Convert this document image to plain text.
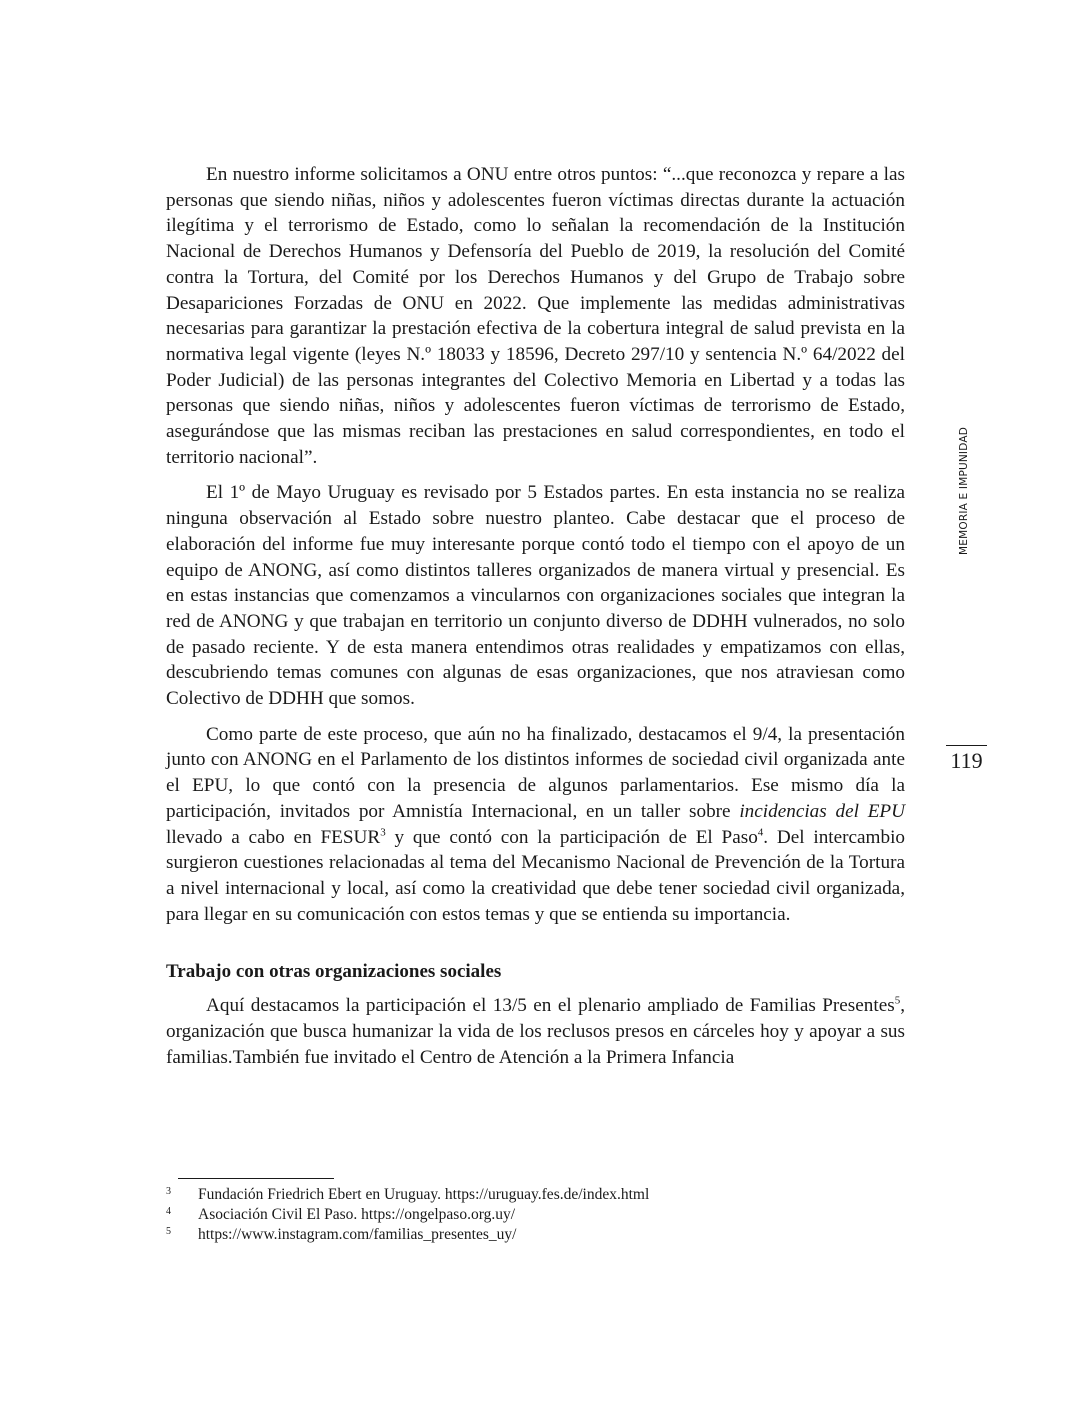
En nuestro informe solicitamos a ONU entre otros puntos: “...que reconozca y repare a las personas que siendo niñas, niños y adolescentes fueron víctimas directas durante la actuación ilegítima y el terrorismo de Estado, como lo señalan la recomendación de la Institución Nacional de Derechos Humanos y Defensoría del Pueblo de 2019, la resolución del Comité contra la Tortura, del Comité por los Derechos Humanos y del Grupo de Trabajo sobre Desapariciones Forzadas de ONU en 2022. Que implemente las medidas administrativas necesarias para garantizar la prestación efectiva de la cobertura integral de salud prevista en la normativa legal vigente (leyes N.º 18033 y 18596, Decreto 297/10 y sentencia N.º 64/2022 del Poder Judicial) de las personas integrantes del Colectivo Memoria en Libertad y a todas las personas que siendo niñas, niños y adolescentes fueron víctimas de terrorismo de Estado, asegurándose que las mismas reciban las prestaciones en salud correspondientes, en todo el territorio nacional”.

El 1º de Mayo Uruguay es revisado por 5 Estados partes. En esta instancia no se realiza ninguna observación al Estado sobre nuestro planteo. Cabe destacar que el proceso de elaboración del informe fue muy interesante porque contó todo el tiempo con el apoyo de un equipo de ANONG, así como distintos talleres organizados de manera virtual y presencial. Es en estas instancias que comenzamos a vincularnos con organizaciones sociales que integran la red de ANONG y que trabajan en territorio un conjunto diverso de DDHH vulnerados, no solo de pasado reciente. Y de esta manera entendimos otras realidades y empatizamos con ellas, descubriendo temas comunes con algunas de esas organizaciones, que nos atraviesan como Colectivo de DDHH que somos.

Como parte de este proceso, que aún no ha finalizado, destacamos el 9/4, la presentación junto con ANONG en el Parlamento de los distintos informes de sociedad civil organizada ante el EPU, lo que contó con la presencia de algunos parlamentarios. Ese mismo día la participación, invitados por Amnistía Internacional, en un taller sobre incidencias del EPU llevado a cabo en FESUR$^3$ y que contó con la participación de El Paso$^4$. Del intercambio surgieron cuestiones relacionadas al tema del Mecanismo Nacional de Prevención de la Tortura a nivel internacional y local, así como la creatividad que debe tener sociedad civil organizada, para llegar en su comunicación con estos temas y que se entienda su importancia.

Trabajo con otras organizaciones sociales

Aquí destacamos la participación el 13/5 en el plenario ampliado de Familias Presentes$^5$, organización que busca humanizar la vida de los reclusos presos en cárceles hoy y apoyar a sus familias.También fue invitado el Centro de Atención a la Primera Infancia

3	Fundación Friedrich Ebert en Uruguay. https://uruguay.fes.de/index.html
4	Asociación Civil El Paso. https://ongelpaso.org.uy/
5	https://www.instagram.com/familias_presentes_uy/
MEMORIA E IMPUNIDAD
119
